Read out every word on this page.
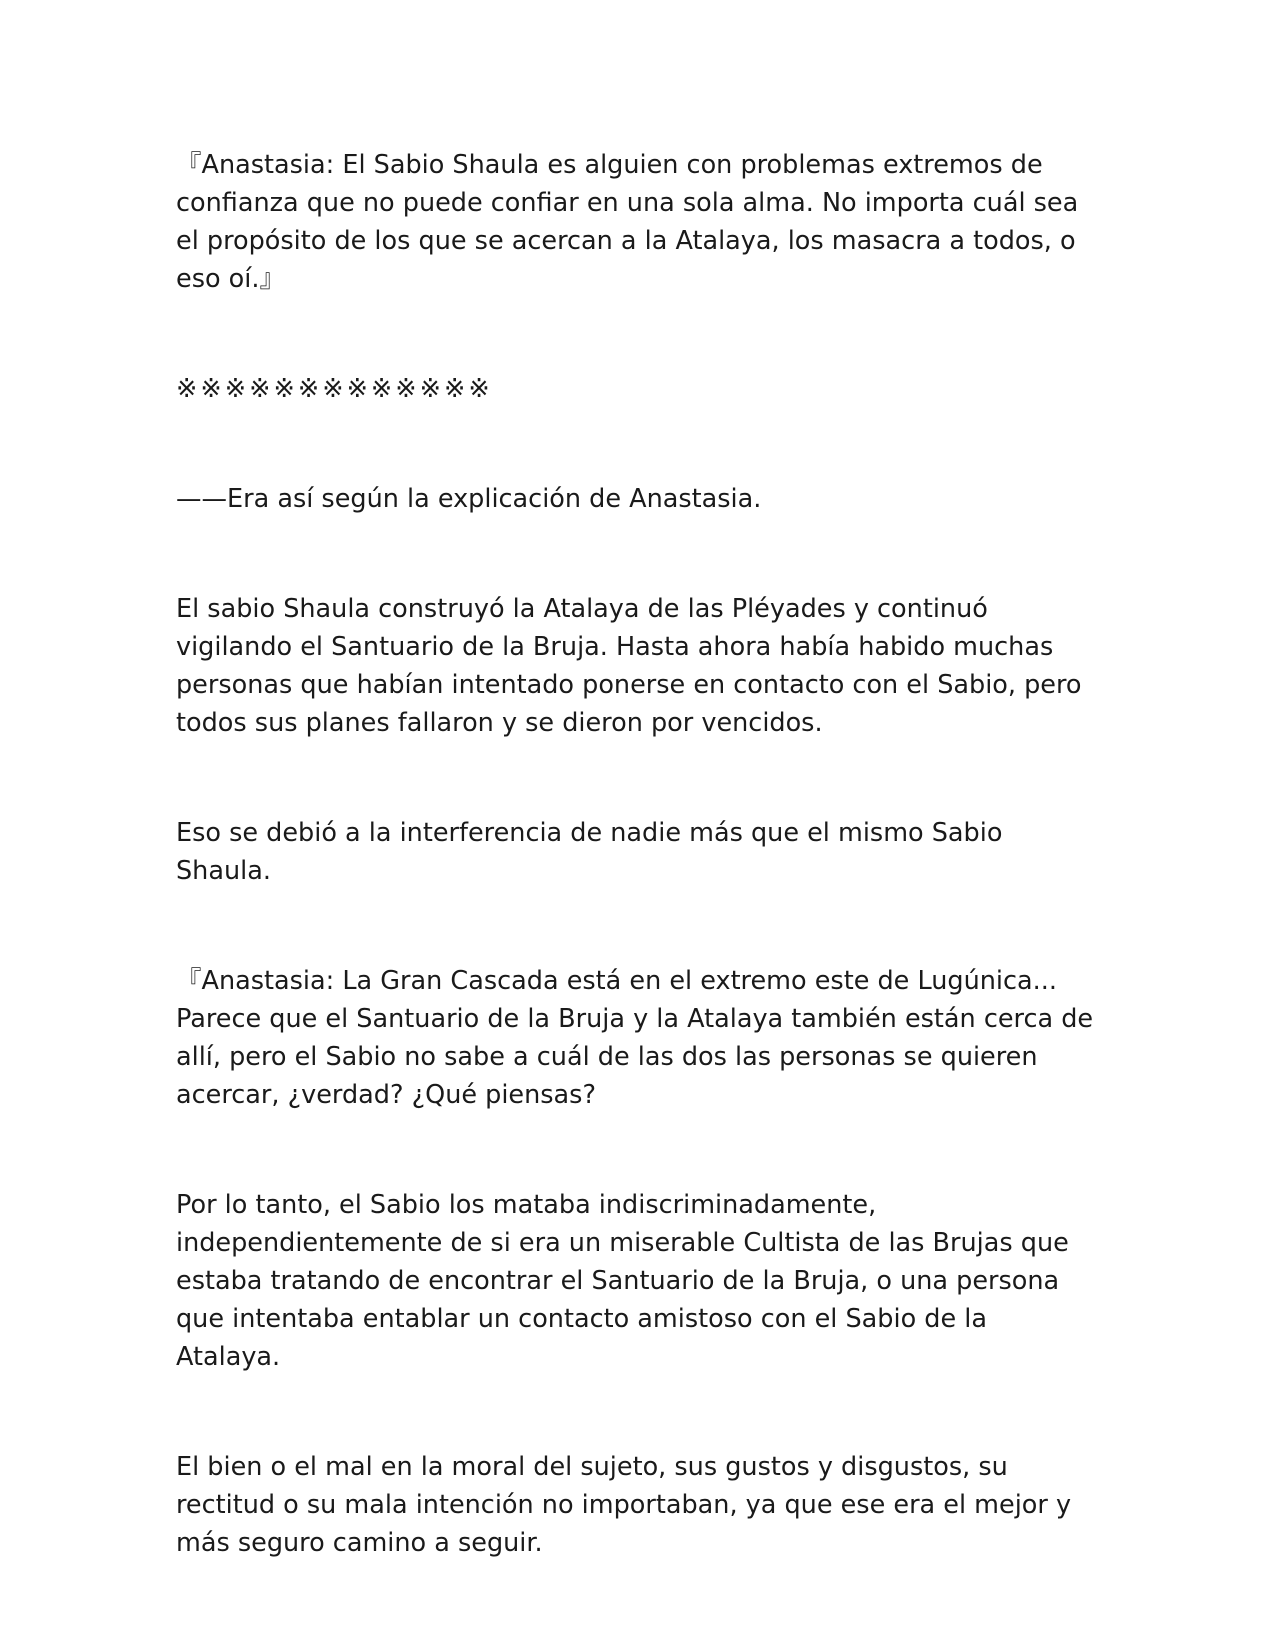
『Anastasia: El Sabio Shaula es alguien con problemas extremos de confianza que no puede confiar en una sola alma. No importa cuál sea el propósito de los que se acercan a la Atalaya, los masacra a todos, o eso oí.』

※※※※※※※※※※※※※

——Era así según la explicación de Anastasia.

El sabio Shaula construyó la Atalaya de las Pléyades y continuó vigilando el Santuario de la Bruja. Hasta ahora había habido muchas personas que habían intentado ponerse en contacto con el Sabio, pero todos sus planes fallaron y se dieron por vencidos.

Eso se debió a la interferencia de nadie más que el mismo Sabio Shaula.

『Anastasia: La Gran Cascada está en el extremo este de Lugúnica... Parece que el Santuario de la Bruja y la Atalaya también están cerca de allí, pero el Sabio no sabe a cuál de las dos las personas se quieren acercar, ¿verdad? ¿Qué piensas?

Por lo tanto, el Sabio los mataba indiscriminadamente, independientemente de si era un miserable Cultista de las Brujas que estaba tratando de encontrar el Santuario de la Bruja, o una persona que intentaba entablar un contacto amistoso con el Sabio de la Atalaya.

El bien o el mal en la moral del sujeto, sus gustos y disgustos, su rectitud o su mala intención no importaban, ya que ese era el mejor y más seguro camino a seguir.
